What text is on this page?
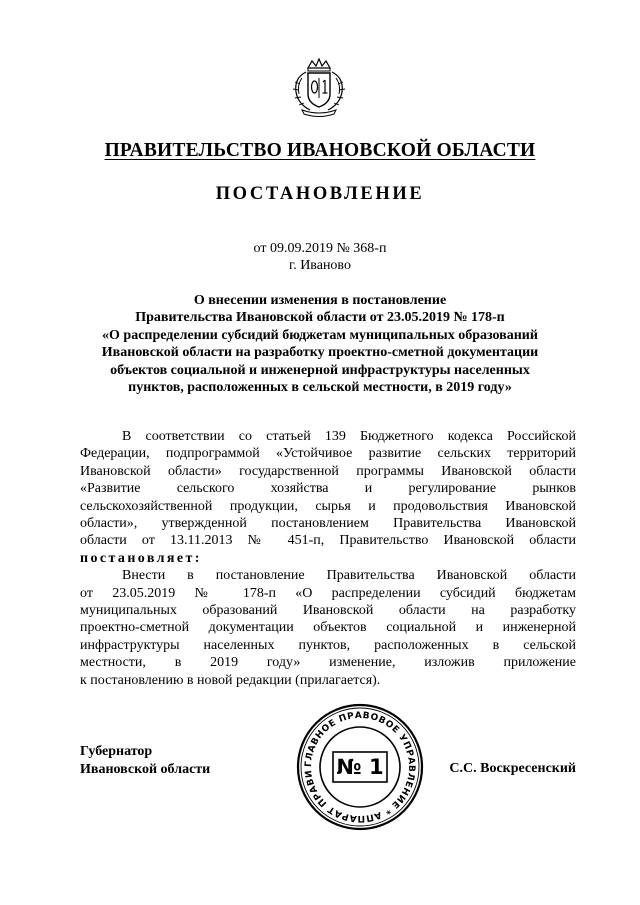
ПРАВИТЕЛЬСТВО ИВАНОВСКОЙ ОБЛАСТИ
ПОСТАНОВЛЕНИЕ
от 09.09.2019 № 368-п
г. Иваново
О внесении изменения в постановление
Правительства Ивановской области от 23.05.2019 № 178-п
«О распределении субсидий бюджетам муниципальных образований
Ивановской области на разработку проектно-сметной документации
объектов социальной и инженерной инфраструктуры населенных
пунктов, расположенных в сельской местности, в 2019 году»
В соответствии со статьей 139 Бюджетного кодекса Российской
Федерации, подпрограммой «Устойчивое развитие сельских территорий
Ивановской области» государственной программы Ивановской области
«Развитие сельского хозяйства и регулирование рынков
сельскохозяйственной продукции, сырья и продовольствия Ивановской
области», утвержденной постановлением Правительства Ивановской
области от 13.11.2013 № 451-п, Правительство Ивановской области
постановляет:
Внести в постановление Правительства Ивановской области
от 23.05.2019 № 178-п «О распределении субсидий бюджетам
муниципальных образований Ивановской области на разработку
проектно-сметной документации объектов социальной и инженерной
инфраструктуры населенных пунктов, расположенных в сельской
местности, в 2019 году» изменение, изложив приложение
к постановлению в новой редакции (прилагается).
Губернатор
Ивановской области	ГЛАВНОЕ ПРАВОВОЕ УПРАВЛЕНИЕ * АППАРАТ ПРАВИ	№ 1	С.С. Воскресенский
